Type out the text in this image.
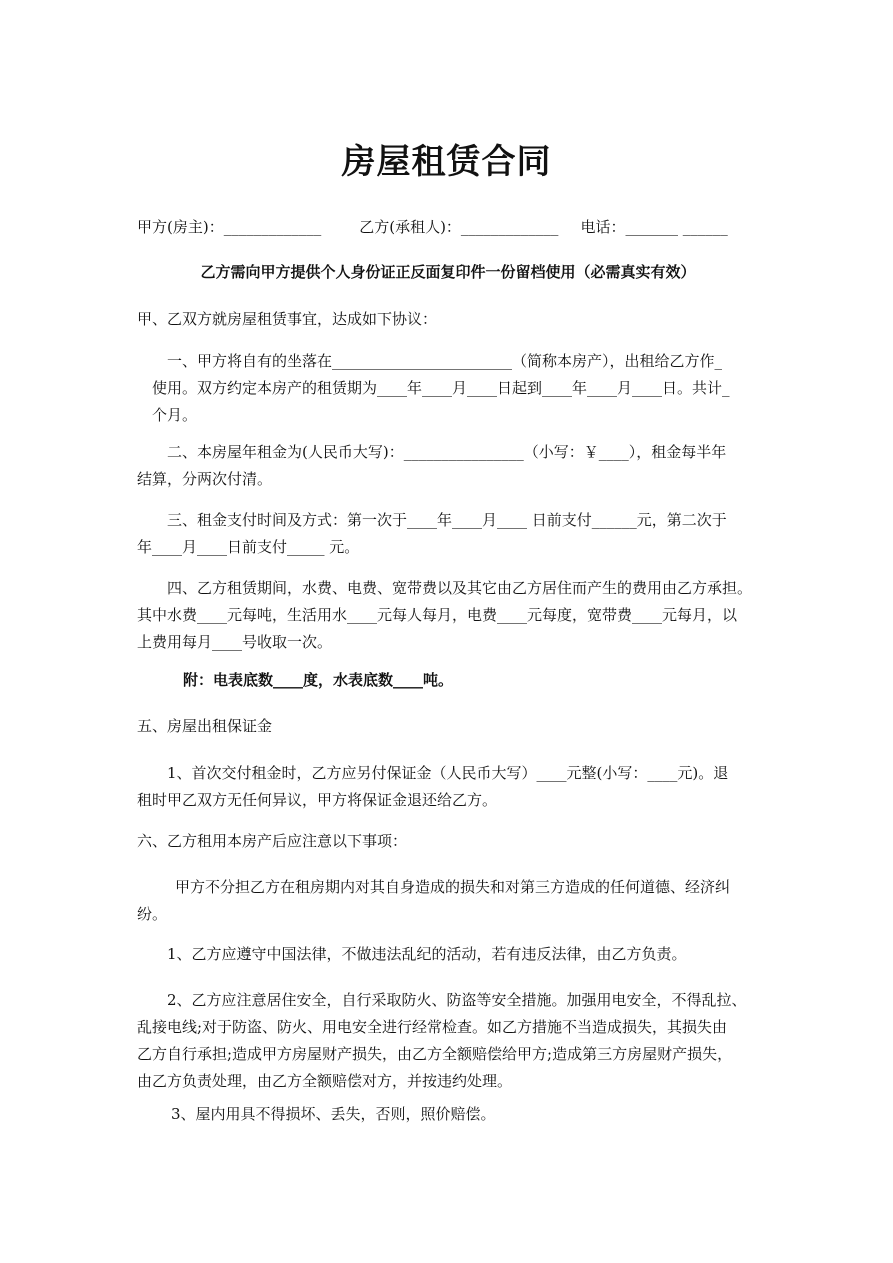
房屋租赁合同
甲方(房主)：_____________	乙方(承租人)：_____________ 电话：_______ ______
乙方需向甲方提供个人身份证正反面复印件一份留档使用（必需真实有效）
甲、乙双方就房屋租赁事宜，达成如下协议：
一、甲方将自有的坐落在________________________（简称本房产），出租给乙方作_
使用。双方约定本房产的租赁期为____年____月____日起到____年____月____日。共计_
个月。
二、本房屋年租金为(人民币大写)：________________（小写：￥____），租金每半年
结算，分两次付清。
三、租金支付时间及方式：第一次于____年____月____ 日前支付______元，第二次于
年____月____日前支付_____ 元。
四、乙方租赁期间，水费、电费、宽带费以及其它由乙方居住而产生的费用由乙方承担。
其中水费____元每吨，生活用水____元每人每月，电费____元每度，宽带费____元每月，以
上费用每月____号收取一次。
附：电表底数____度，水表底数____吨。
五、房屋出租保证金
1、首次交付租金时，乙方应另付保证金（人民币大写）____元整(小写：____元)。退
租时甲乙双方无任何异议，甲方将保证金退还给乙方。
六、乙方租用本房产后应注意以下事项：
甲方不分担乙方在租房期内对其自身造成的损失和对第三方造成的任何道德、经济纠
纷。
1、乙方应遵守中国法律，不做违法乱纪的活动，若有违反法律，由乙方负责。
2、乙方应注意居住安全，自行采取防火、防盗等安全措施。加强用电安全，不得乱拉、
乱接电线;对于防盗、防火、用电安全进行经常检查。如乙方措施不当造成损失，其损失由
乙方自行承担;造成甲方房屋财产损失，由乙方全额赔偿给甲方;造成第三方房屋财产损失，
由乙方负责处理，由乙方全额赔偿对方，并按违约处理。
3、屋内用具不得损坏、丢失，否则，照价赔偿。
